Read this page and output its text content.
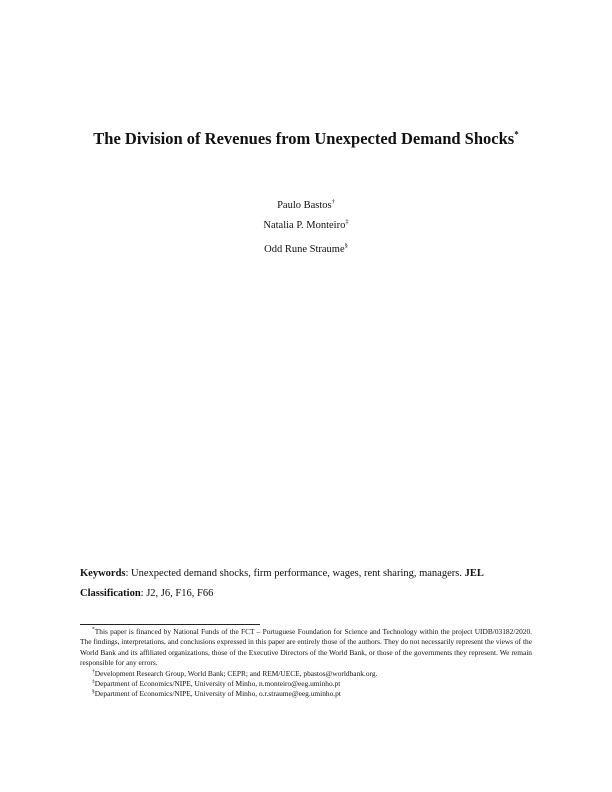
The Division of Revenues from Unexpected Demand Shocks*
Paulo Bastos†
Natalia P. Monteiro‡
Odd Rune Straume§
Keywords: Unexpected demand shocks, firm performance, wages, rent sharing, managers. JEL Classification: J2, J6, F16, F66

*This paper is financed by National Funds of the FCT – Portuguese Foundation for Science and Technology within the project UIDB/03182/2020. The findings, interpretations, and conclusions expressed in this paper are entirely those of the authors. They do not necessarily represent the views of the World Bank and its affiliated organizations, those of the Executive Directors of the World Bank, or those of the governments they represent. We remain responsible for any errors.

†Development Research Group, World Bank; CEPR; and REM/UECE, pbastos@worldbank.org.

‡Department of Economics/NIPE, University of Minho, n.monteiro@eeg.uminho.pt

§Department of Economics/NIPE, University of Minho, o.r.straume@eeg.uminho.pt
